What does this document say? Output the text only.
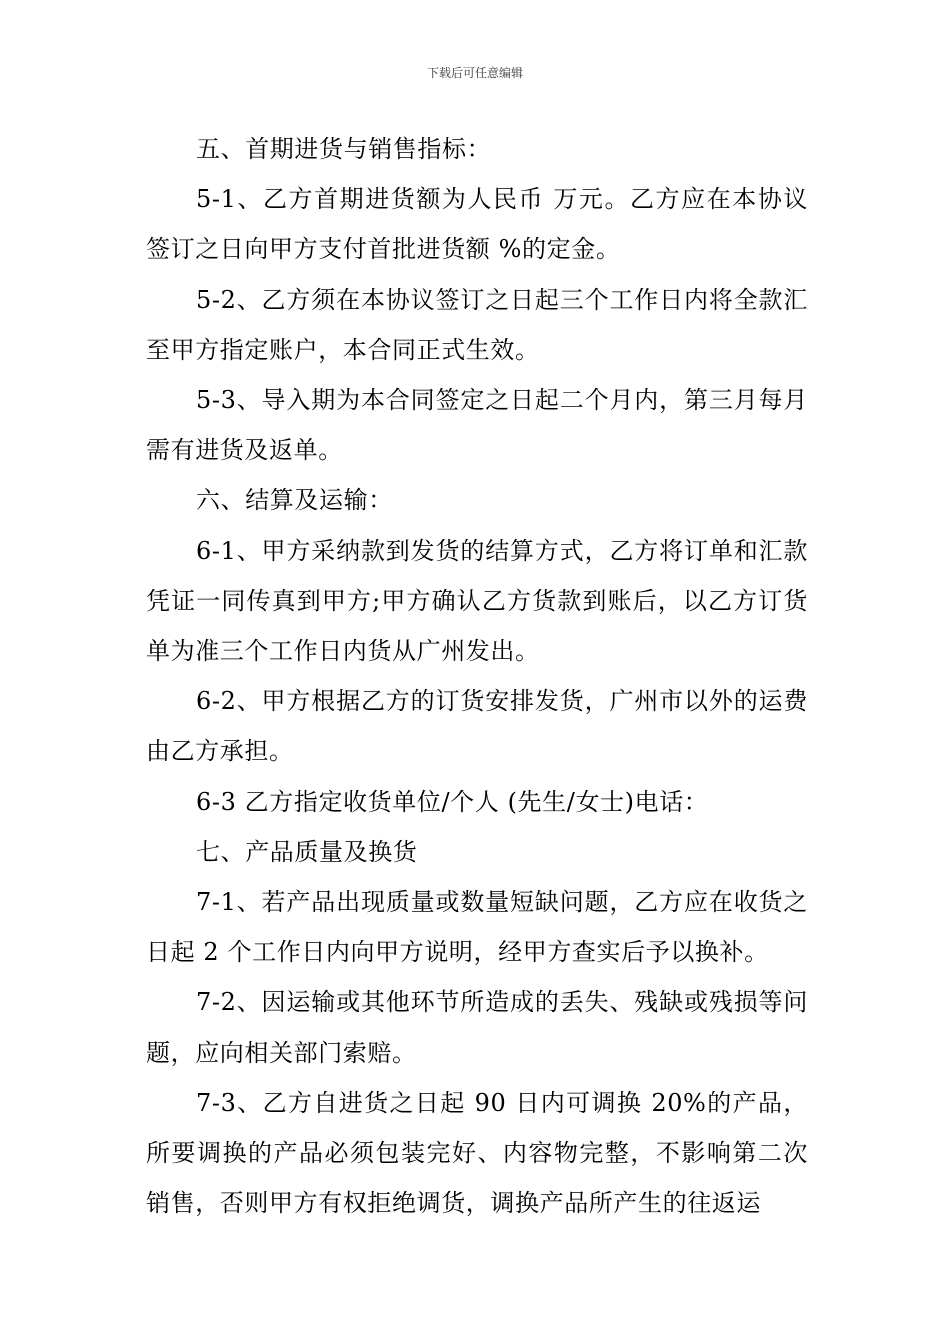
下载后可任意编辑

五、首期进货与销售指标：

5-1、乙方首期进货额为人民币 万元。乙方应在本协议签订之日向甲方支付首批进货额 %的定金。

5-2、乙方须在本协议签订之日起三个工作日内将全款汇至甲方指定账户，本合同正式生效。

5-3、导入期为本合同签定之日起二个月内，第三月每月需有进货及返单。

六、结算及运输：

6-1、甲方采纳款到发货的结算方式，乙方将订单和汇款凭证一同传真到甲方;甲方确认乙方货款到账后，以乙方订货单为准三个工作日内货从广州发出。

6-2、甲方根据乙方的订货安排发货，广州市以外的运费由乙方承担。

6-3 乙方指定收货单位/个人 (先生/女士)电话：

七、产品质量及换货

7-1、若产品出现质量或数量短缺问题，乙方应在收货之日起 2 个工作日内向甲方说明，经甲方查实后予以换补。

7-2、因运输或其他环节所造成的丢失、残缺或残损等问题，应向相关部门索赔。

7-3、乙方自进货之日起 90 日内可调换 20%的产品，所要调换的产品必须包装完好、内容物完整，不影响第二次销售，否则甲方有权拒绝调货，调换产品所产生的往返运
